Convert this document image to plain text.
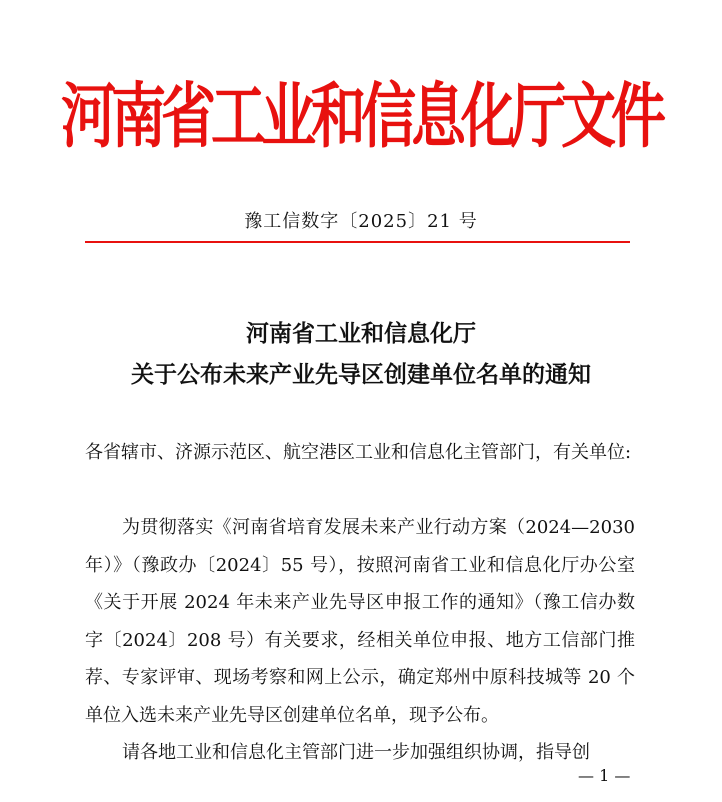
河南省工业和信息化厅文件
豫工信数字〔2025〕21 号
河南省工业和信息化厅
关于公布未来产业先导区创建单位名单的通知
各省辖市、济源示范区、航空港区工业和信息化主管部门，有关单位:
为贯彻落实《河南省培育发展未来产业行动方案（2024—2030 年）》（豫政办〔2024〕55 号），按照河南省工业和信息化厅办公室《关于开展 2024 年未来产业先导区申报工作的通知》（豫工信办数字〔2024〕208 号）有关要求，经相关单位申报、地方工信部门推荐、专家评审、现场考察和网上公示，确定郑州中原科技城等 20 个单位入选未来产业先导区创建单位名单，现予公布。
请各地工业和信息化主管部门进一步加强组织协调，指导创
— 1 —
